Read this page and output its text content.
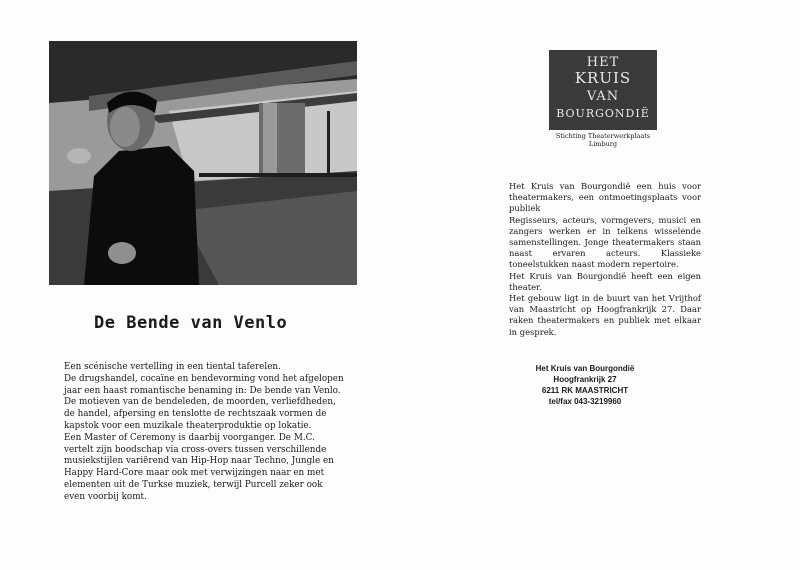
De Bende van Venlo

Een scénische vertelling in een tiental taferelen.

De drugshandel, cocaïne en bendevorming vond het afgelopen jaar een haast romantische benaming in: De bende van Venlo.

De motieven van de bendeleden, de moorden, verliefdheden, de handel, afpersing en tenslotte de rechtszaak vormen de kapstok voor een muzikale theaterproduktie op lokatie.

Een Master of Ceremony is daarbij voorganger. De M.C. vertelt zijn boodschap via cross-overs tussen verschillende musiekstijlen variërend van Hip-Hop naar Techno, Jungle en Happy Hard-Core maar ook met verwijzingen naar en met elementen uit de Turkse muziek, terwijl Purcell zeker ook even voorbij komt.

HET
KRUIS
VAN
BOURGONDIË
Stichting Theaterwerkplaats Limburg

Het Kruis van Bourgondië een huis voor theatermakers, een ontmoetingsplaats voor publiek

Regisseurs, acteurs, vormgevers, musici en zangers werken er in telkens wisselende samenstellingen. Jonge theatermakers staan naast ervaren acteurs. Klassieke toneelstukken naast modern repertoire.

Het Kruis van Bourgondië heeft een eigen theater.

Het gebouw ligt in de buurt van het Vrijthof van Maastricht op Hoogfrankrijk 27. Daar raken theatermakers en publiek met elkaar in gesprek.

Het Kruis van Bourgondië
Hoogfrankrijk 27
6211 RK MAASTRICHT
tel/fax 043-3219960
